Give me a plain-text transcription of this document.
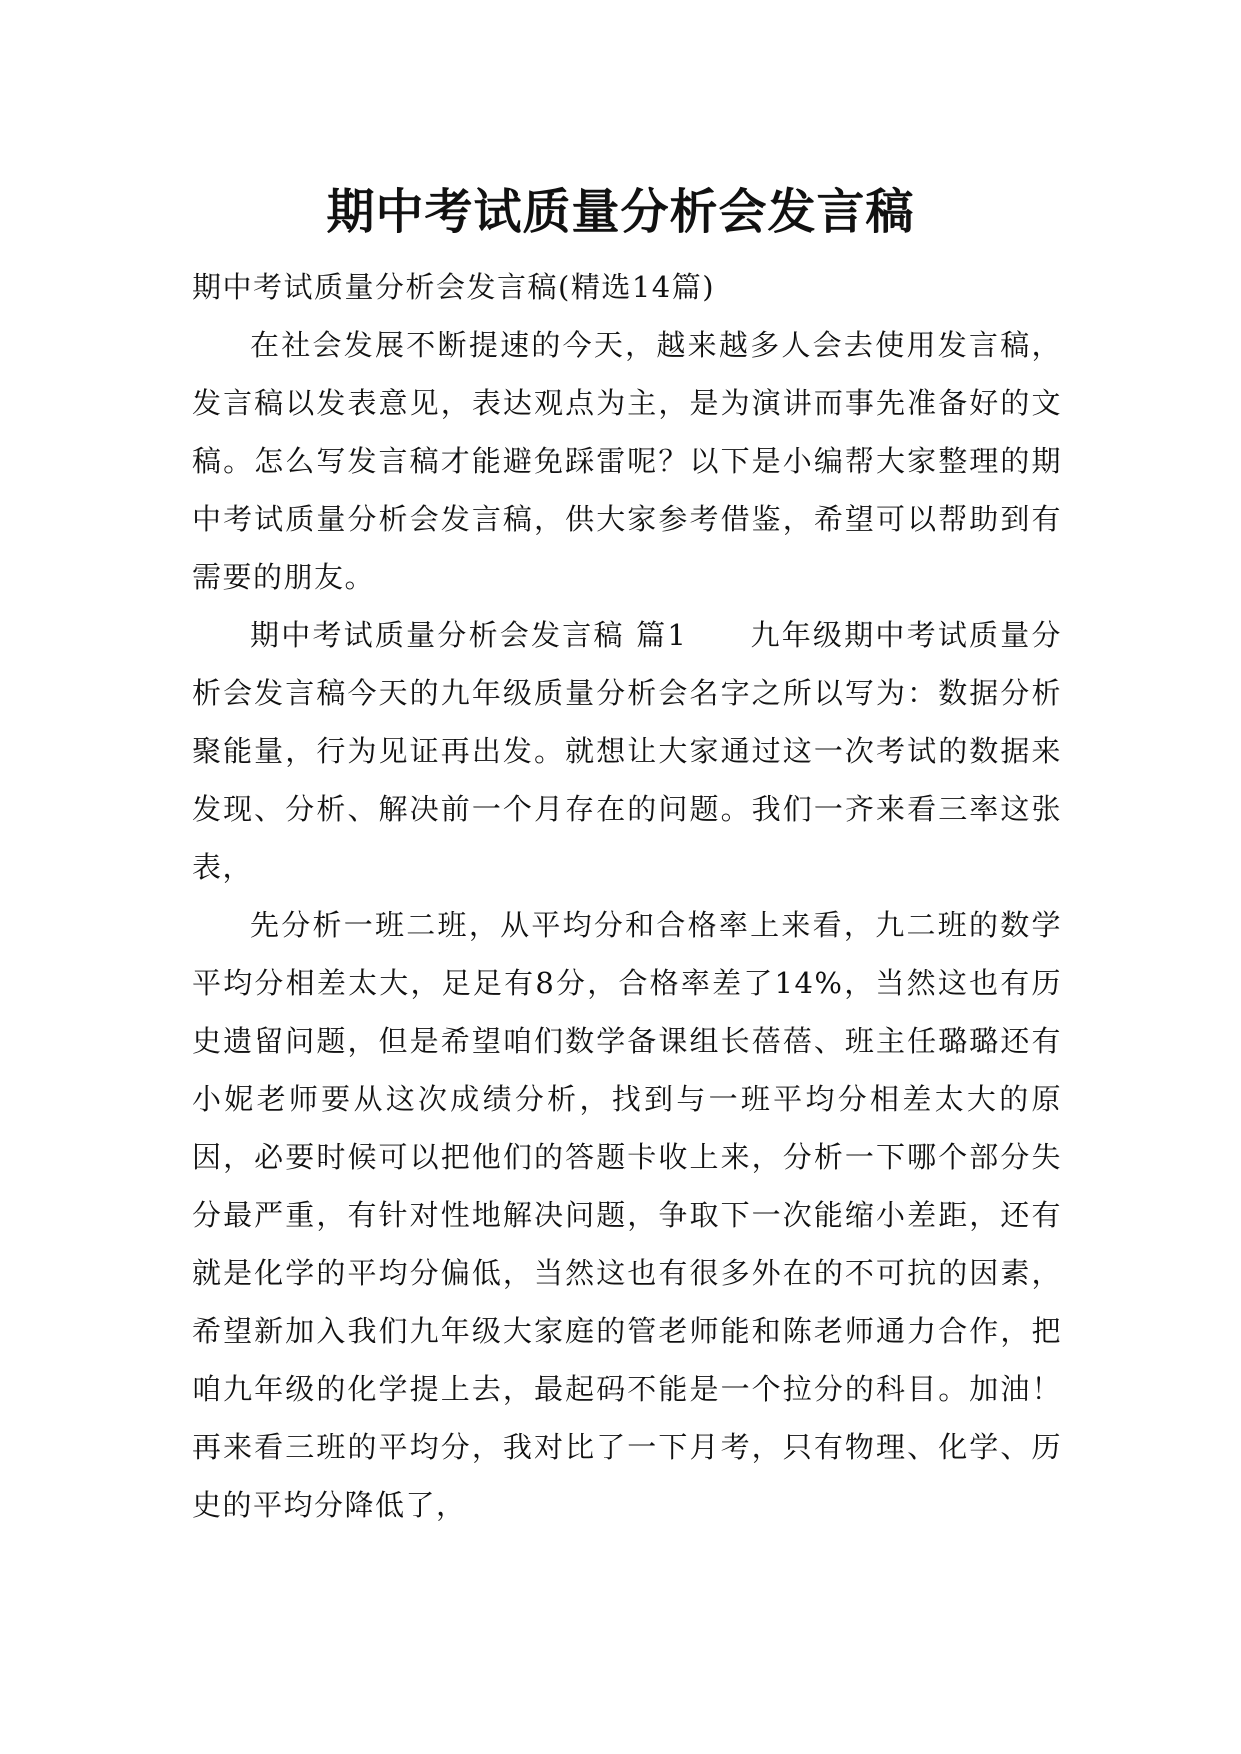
期中考试质量分析会发言稿

期中考试质量分析会发言稿(精选14篇)

在社会发展不断提速的今天，越来越多人会去使用发言稿，发言稿以发表意见，表达观点为主，是为演讲而事先准备好的文稿。怎么写发言稿才能避免踩雷呢？以下是小编帮大家整理的期中考试质量分析会发言稿，供大家参考借鉴，希望可以帮助到有需要的朋友。

期中考试质量分析会发言稿 篇1　　九年级期中考试质量分析会发言稿今天的九年级质量分析会名字之所以写为：数据分析聚能量，行为见证再出发。就想让大家通过这一次考试的数据来发现、分析、解决前一个月存在的问题。我们一齐来看三率这张表，

先分析一班二班，从平均分和合格率上来看，九二班的数学平均分相差太大，足足有8分，合格率差了14%，当然这也有历史遗留问题，但是希望咱们数学备课组长蓓蓓、班主任璐璐还有小妮老师要从这次成绩分析，找到与一班平均分相差太大的原因，必要时候可以把他们的答题卡收上来，分析一下哪个部分失分最严重，有针对性地解决问题，争取下一次能缩小差距，还有就是化学的平均分偏低，当然这也有很多外在的不可抗的因素，希望新加入我们九年级大家庭的管老师能和陈老师通力合作，把咱九年级的化学提上去，最起码不能是一个拉分的科目。加油！再来看三班的平均分，我对比了一下月考，只有物理、化学、历史的平均分降低了，
